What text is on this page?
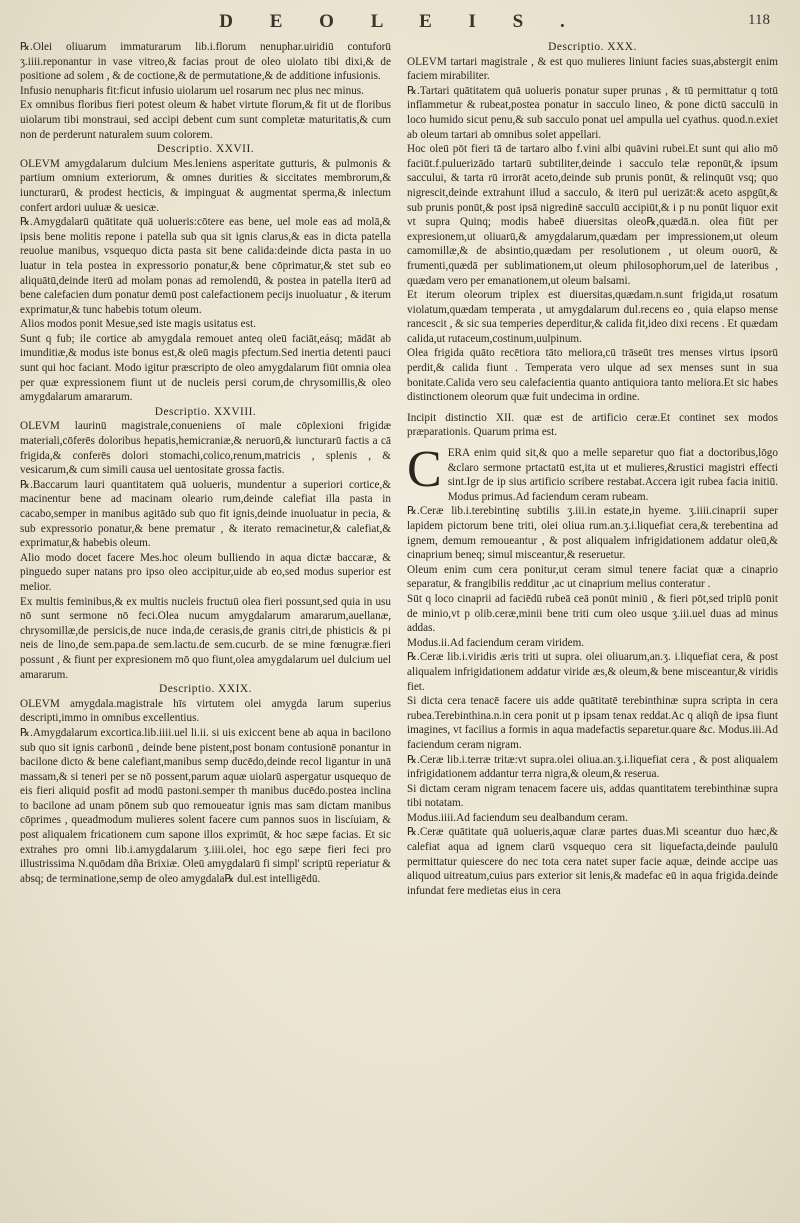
D E O L E I S .	118

℞.Olei oliuarum immaturarum lib.i.florum nenuphar.uiridiū contuforū ʒ.iiii.reponantur in vase vitreo,& facias prout de oleo uiolato tibi dixi,& de positione ad solem , & de coctione,& de permutatione,& de additione infusionis.

Infusio nenupharis fit:ficut infusio uiolarum uel rosarum nec plus nec minus.

Ex omnibus floribus fieri potest oleum & habet virtute florum,& fit ut de floribus uiolarum tibi monstraui, sed accipi debent cum sunt completæ maturitatis,& cum non de perderunt naturalem suum colorem.

Descriptio. XXVII.

OLEVM amygdalarum dulcium Mes.leniens asperitate gutturis, & pulmonis & partium omnium exteriorum, & omnes durities & siccitates membrorum,& iuncturarū, & prodest hecticis, & impinguat & augmentat sperma,& inlectum confert ardori uuluæ & uesicæ.

℞.Amygdalarū quātitate quā uolueris:cōtere eas bene, uel mole eas ad molā,& ipsis bene molitis repone i patella sub qua sit ignis clarus,& eas in dicta patella reuolue manibus, vsquequo dicta pasta sit bene calida:deinde dicta pasta in uo luatur in tela postea in expressorio ponatur,& bene cōprimatur,& stet sub eo aliquātū,deinde iterū ad molam ponas ad remolendū, & postea in patella iterū ad bene calefacien dum ponatur demū post calefactionem pecijs inuoluatur , & iterum exprimatur,& tunc habebis totum oleum.

Alios modos ponit Mesue,sed iste magis usitatus est.

Sunt q fub; ile cortice ab amygdala remouet anteq oleū faciāt,eásq; mādāt ab imunditiæ,& modus iste bonus est,& oleū magis pfectum.Sed inertia detenti pauci sunt qui hoc faciant. Modo igitur præscripto de oleo amygdalarum fiūt omnia olea per quæ expressionem fiunt ut de nucleis persi corum,de chrysomillis,& oleo amygdalarum amararum.

Descriptio. XXVIII.

OLEVM laurinū magistrale,conueniens oī male cōplexioni frigidæ materiali,cōferēs doloribus hepatis,hemicraniæ,& neruorū,& iuncturarū factis a cā frigida,& conferēs dolori stomachi,colico,renum,matricis , splenis , & vesicarum,& cum simili causa uel uentositate grossa factis.

℞.Baccarum lauri quantitatem quā uolueris, mundentur a superiori cortice,& macinentur bene ad macinam oleario rum,deinde calefiat illa pasta in cacabo,semper in manibus agitādo sub quo fit ignis,deinde inuoluatur in pecia, & sub expressorio ponatur,& bene prematur , & iterato remacinetur,& calefiat,& exprimatur,& habebis oleum.

Alio modo docet facere Mes.hoc oleum bulliendo in aqua dictæ baccaræ, & pinguedo super natans pro ipso oleo accipitur,uide ab eo,sed modus superior est melior.

Ex multis feminibus,& ex multis nucleis fructuū olea fieri possunt,sed quia in usu nō sunt sermone nō feci.Olea nucum amygdalarum amararum,auellanæ, chrysomillæ,de persicis,de nuce inda,de cerasis,de granis citri,de phisticis & pi neis de lino,de sem.papa.de sem.lactu.de sem.cucurb. de se mine fœnugræ.fieri possunt , & fiunt per expresionem mō quo fiunt,olea amygdalarum uel dulcium uel amararum.

Descriptio. XXIX.

OLEVM amygdala.magistrale hīs virtutem olei amygda larum superius descripti,immo in omnibus excellentius.

℞.Amygdalarum excortica.lib.iiii.uel li.ii. si uis exiccent bene ab aqua in bacilono sub quo sit ignis carbonū , deinde bene pistent,post bonam contusionē ponantur in bacilone dicto & bene calefiant,manibus semp ducēdo,deinde recol ligantur in unā massam,& si teneri per se nō possent,parum aquæ uiolarū aspergatur usquequo de eis fieri aliquid posfit ad modū pastoni.semper th manibus ducēdo.postea inclina to bacilone ad unam pōnem sub quo remoueatur ignis mas sam dictam manibus cōprimes , queadmodum mulieres solent facere cum pannos suos in liscíuiam, & post aliqualem fricationem cum sapone illos exprimūt, & hoc sæpe facias. Et sic extrahes pro omni lib.i.amygdalarum ʒ.iiii.olei, hoc ego sæpe fieri feci pro illustrissima N.quōdam dña Brixiæ. Oleū amygdalarū fi simpl' scriptū reperiatur & absq; de terminatione,semp de oleo amygdala℞ dul.est intelligēdū.

Descriptio. XXX.

OLEVM tartari magistrale , & est quo mulieres liniunt facies suas,abstergit enim faciem mirabiliter.

℞.Tartari quātitatem quā uolueris ponatur super prunas , & tū permittatur q totū inflammetur & rubeat,postea ponatur in sacculo lineo, & pone dictū sacculū in loco humido sicut penu,& sub sacculo ponat uel ampulla uel cyathus. quod.n.exiet ab oleum tartari ab omnibus solet appellari.

Hoc oleū pōt fieri tā de tartaro albo f.vini albi quāvini rubei.Et sunt qui alio mō faciūt.f.puluerizādo tartarū subtiliter,deinde i sacculo telæ reponūt,& ipsum saccului, & tarta rū irrorāt aceto,deinde sub prunis ponūt, & relinquūt vsq; quo nigrescit,deinde extrahunt illud a sacculo, & iterū pul uerizāt:& aceto aspgūt,& sub prunis ponūt,& post ipsā nigredinē sacculū accipiūt,& i p nu ponūt liquor exit vt supra Quinq; modis habeē diuersitas oleo℞,quædā.n. olea fiūt per expresionem,ut oliuarū,& amygdalarum,quædam per impressionem,ut oleum camomillæ,& de absintio,quædam per resolutionem , ut oleum ouorū, & frumenti,quædā per sublimationem,ut oleum philosophorum,uel de lateribus , quædam vero per emanationem,ut oleum balsami.

Et iterum oleorum triplex est diuersitas,quædam.n.sunt frigida,ut rosatum violatum,quædam temperata , ut amygdalarum dul.recens eo , quia elapso mense rancescit , & sic sua temperies deperditur,& calida fit,ideo dixi recens . Et quædam calida,ut rutaceum,costinum,uulpinum.

Olea frigida quāto recētiora tāto meliora,cū trāseūt tres menses virtus ipsorū perdit,& calida fiunt . Temperata vero ulque ad sex menses sunt in sua bonitate.Calida vero seu calefacientia quanto antiquiora tanto meliora.Et sic habes distinctionem oleorum quæ fuit undecima in ordine.

Incipit distinctio XII. quæ est de artificio ceræ.Et continet sex modos præparationis. Quarum prima est.

CERA enim quid sit,& quo a melle separetur quo fiat a doctoribus,lōgo &claro sermone prtactatū est,ita ut et mulieres,&rustici magistri effecti sint.Igr de ip sius artificio scribere restabat.Accera igit rubea facia initiū. Modus primus.Ad faciendum ceram rubeam.

℞.Ceræ lib.i.terebintinę subtilis ʒ.iii.in estate,in hyeme. ʒ.iiii.cinaprii super lapidem pictorum bene triti, olei oliua rum.an.ʒ.i.liquefiat cera,& terebentina ad ignem, demum remoueantur , & post aliqualem infrigidationem addatur oleū,& cinaprium beneq; simul misceantur,& reseruetur.

Oleum enim cum cera ponitur,ut ceram simul tenere faciat quæ a cinaprio separatur, & frangibilis redditur ,ac ut cinaprium melius conteratur .

Sūt q loco cinaprii ad faciēdū rubeā ceā ponūt miniū , & fieri pōt,sed triplū ponit de minio,vt p olib.ceræ,minii bene triti cum oleo usque ʒ.iii.uel duas ad minus addas.

Modus.ii.Ad faciendum ceram viridem.

℞.Ceræ lib.i.viridis æris triti ut supra. olei oliuarum,an.ʒ. i.liquefiat cera, & post aliqualem infrigidationem addatur viride æs,& oleum,& bene misceantur,& viridis fiet.

Si dicta cera tenacē facere uis adde quātitatē terebinthinæ supra scripta in cera rubea.Terebinthina.n.in cera ponit ut p ipsam tenax reddat.Ac q aliqñ de ipsa fiunt imagines, vt facilius a formis in aqua madefactis separetur.quare &c. Modus.iii.Ad faciendum ceram nigram.

℞.Ceræ lib.i.terræ tritæ:vt supra.olei oliua.an.ʒ.i.liquefiat cera , & post aliqualem infrigidationem addantur terra nigra,& oleum,& reserua.

Si dictam ceram nigram tenacem facere uis, addas quantitatem terebinthinæ supra tibi notatam.

Modus.iiii.Ad faciendum seu dealbandum ceram.

℞.Ceræ quātitate quā uolueris,aquæ claræ partes duas.Mi sceantur duo hæc,& calefiat aqua ad ignem clarū vsquequo cera sit liquefacta,deinde paululū permittatur quiescere do nec tota cera natet super facie aquæ, deinde accipe uas aliquod uitreatum,cuius pars exterior sit lenis,& madefac eū in aqua frigida.deinde infundat fere medietas eius in cera
